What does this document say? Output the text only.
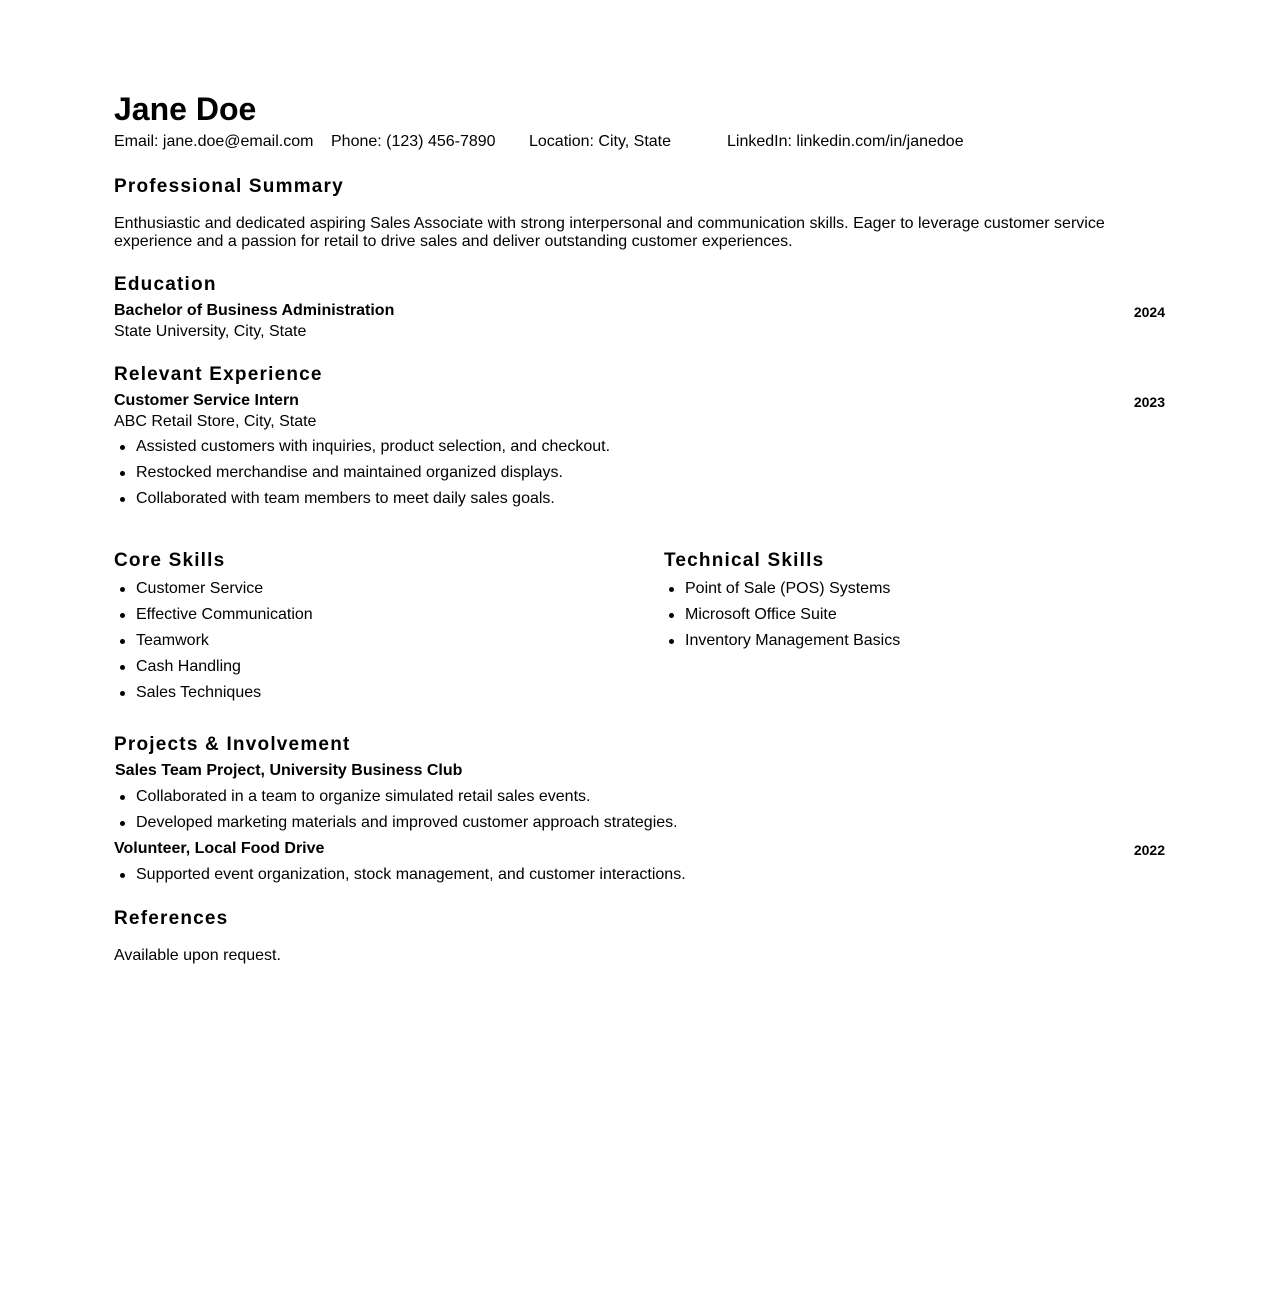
Jane Doe
Email: jane.doe@email.com Phone: (123) 456-7890 Location: City, State	LinkedIn: linkedin.com/in/janedoe
Professional Summary

Enthusiastic and dedicated aspiring Sales Associate with strong interpersonal and communication skills. Eager to leverage customer service experience and a passion for retail to drive sales and deliver outstanding customer experiences.

Education
Bachelor of Business Administration	2024
State University, City, State
Relevant Experience
Customer Service Intern	2023
ABC Retail Store, City, State
Assisted customers with inquiries, product selection, and checkout.
Restocked merchandise and maintained organized displays.
Collaborated with team members to meet daily sales goals.
Core Skills
Customer Service
Effective Communication
Teamwork
Cash Handling
Sales Techniques
Technical Skills
Point of Sale (POS) Systems
Microsoft Office Suite
Inventory Management Basics
Projects & Involvement
Sales Team Project, University Business Club
Collaborated in a team to organize simulated retail sales events.
Developed marketing materials and improved customer approach strategies.
Volunteer, Local Food Drive	2022
Supported event organization, stock management, and customer interactions.
References
Available upon request.
